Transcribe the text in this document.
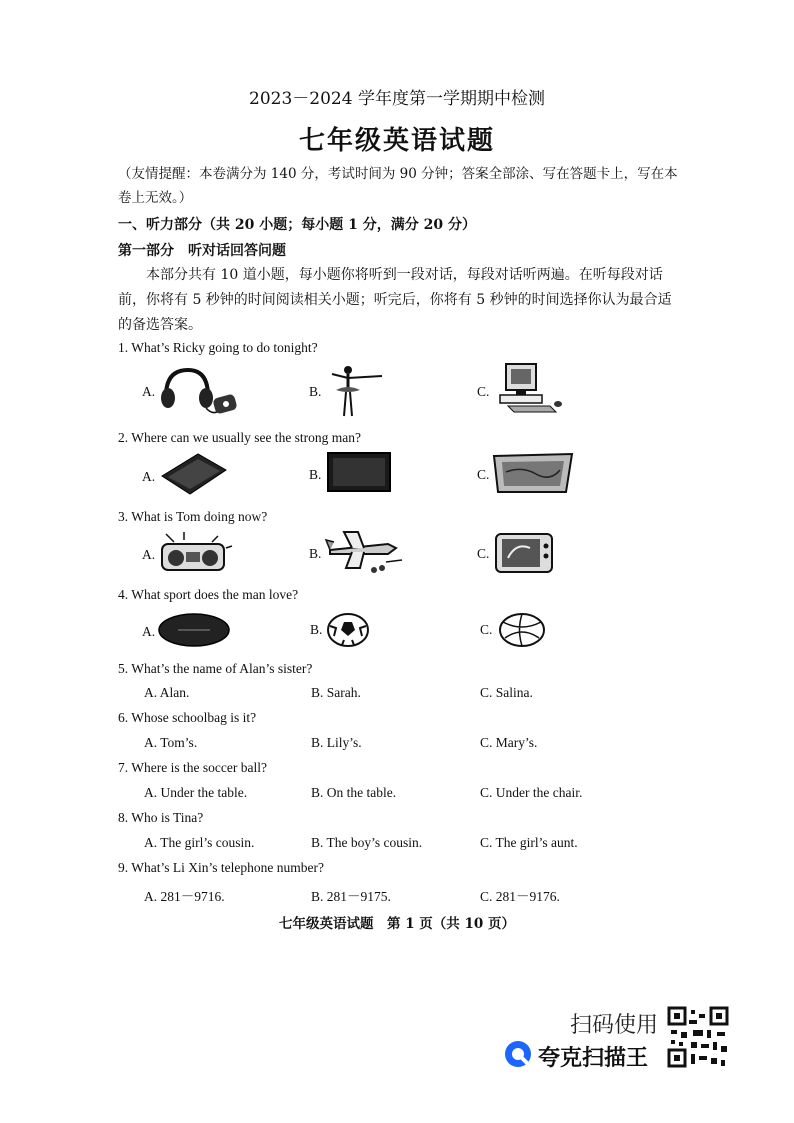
2023－2024 学年度第一学期期中检测
七年级英语试题
（友情提醒：本卷满分为 140 分，考试时间为 90 分钟；答案全部涂、写在答题卡上，写在本卷上无效。）
一、听力部分（共 20 小题；每小题 1 分，满分 20 分）
第一部分　听对话回答问题
本部分共有 10 道小题，每小题你将听到一段对话，每段对话听两遍。在听每段对话前，你将有 5 秒钟的时间阅读相关小题；听完后，你将有 5 秒钟的时间选择你认为最合适的备选答案。
1. What’s Ricky going to do tonight?
A.	B.	C.
2. Where can we usually see the strong man?
A.	B.	C.
3. What is Tom doing now?
A.	B.	C.
4. What sport does the man love?
A.	B.	C.
5. What’s the name of Alan’s sister?
A. Alan.	B. Sarah.	C. Salina.
6. Whose schoolbag is it?
A. Tom’s.	B. Lily’s.	C. Mary’s.
7. Where is the soccer ball?
A. Under the table.	B. On the table.	C. Under the chair.
8. Who is Tina?
A. The girl’s cousin.	B. The boy’s cousin.	C. The girl’s aunt.
9. What’s Li Xin’s telephone number?
A. 281－9716.	B. 281－9175.	C. 281－9176.
七年级英语试题　第 1 页（共 10 页）
扫码使用
夸克扫描王
